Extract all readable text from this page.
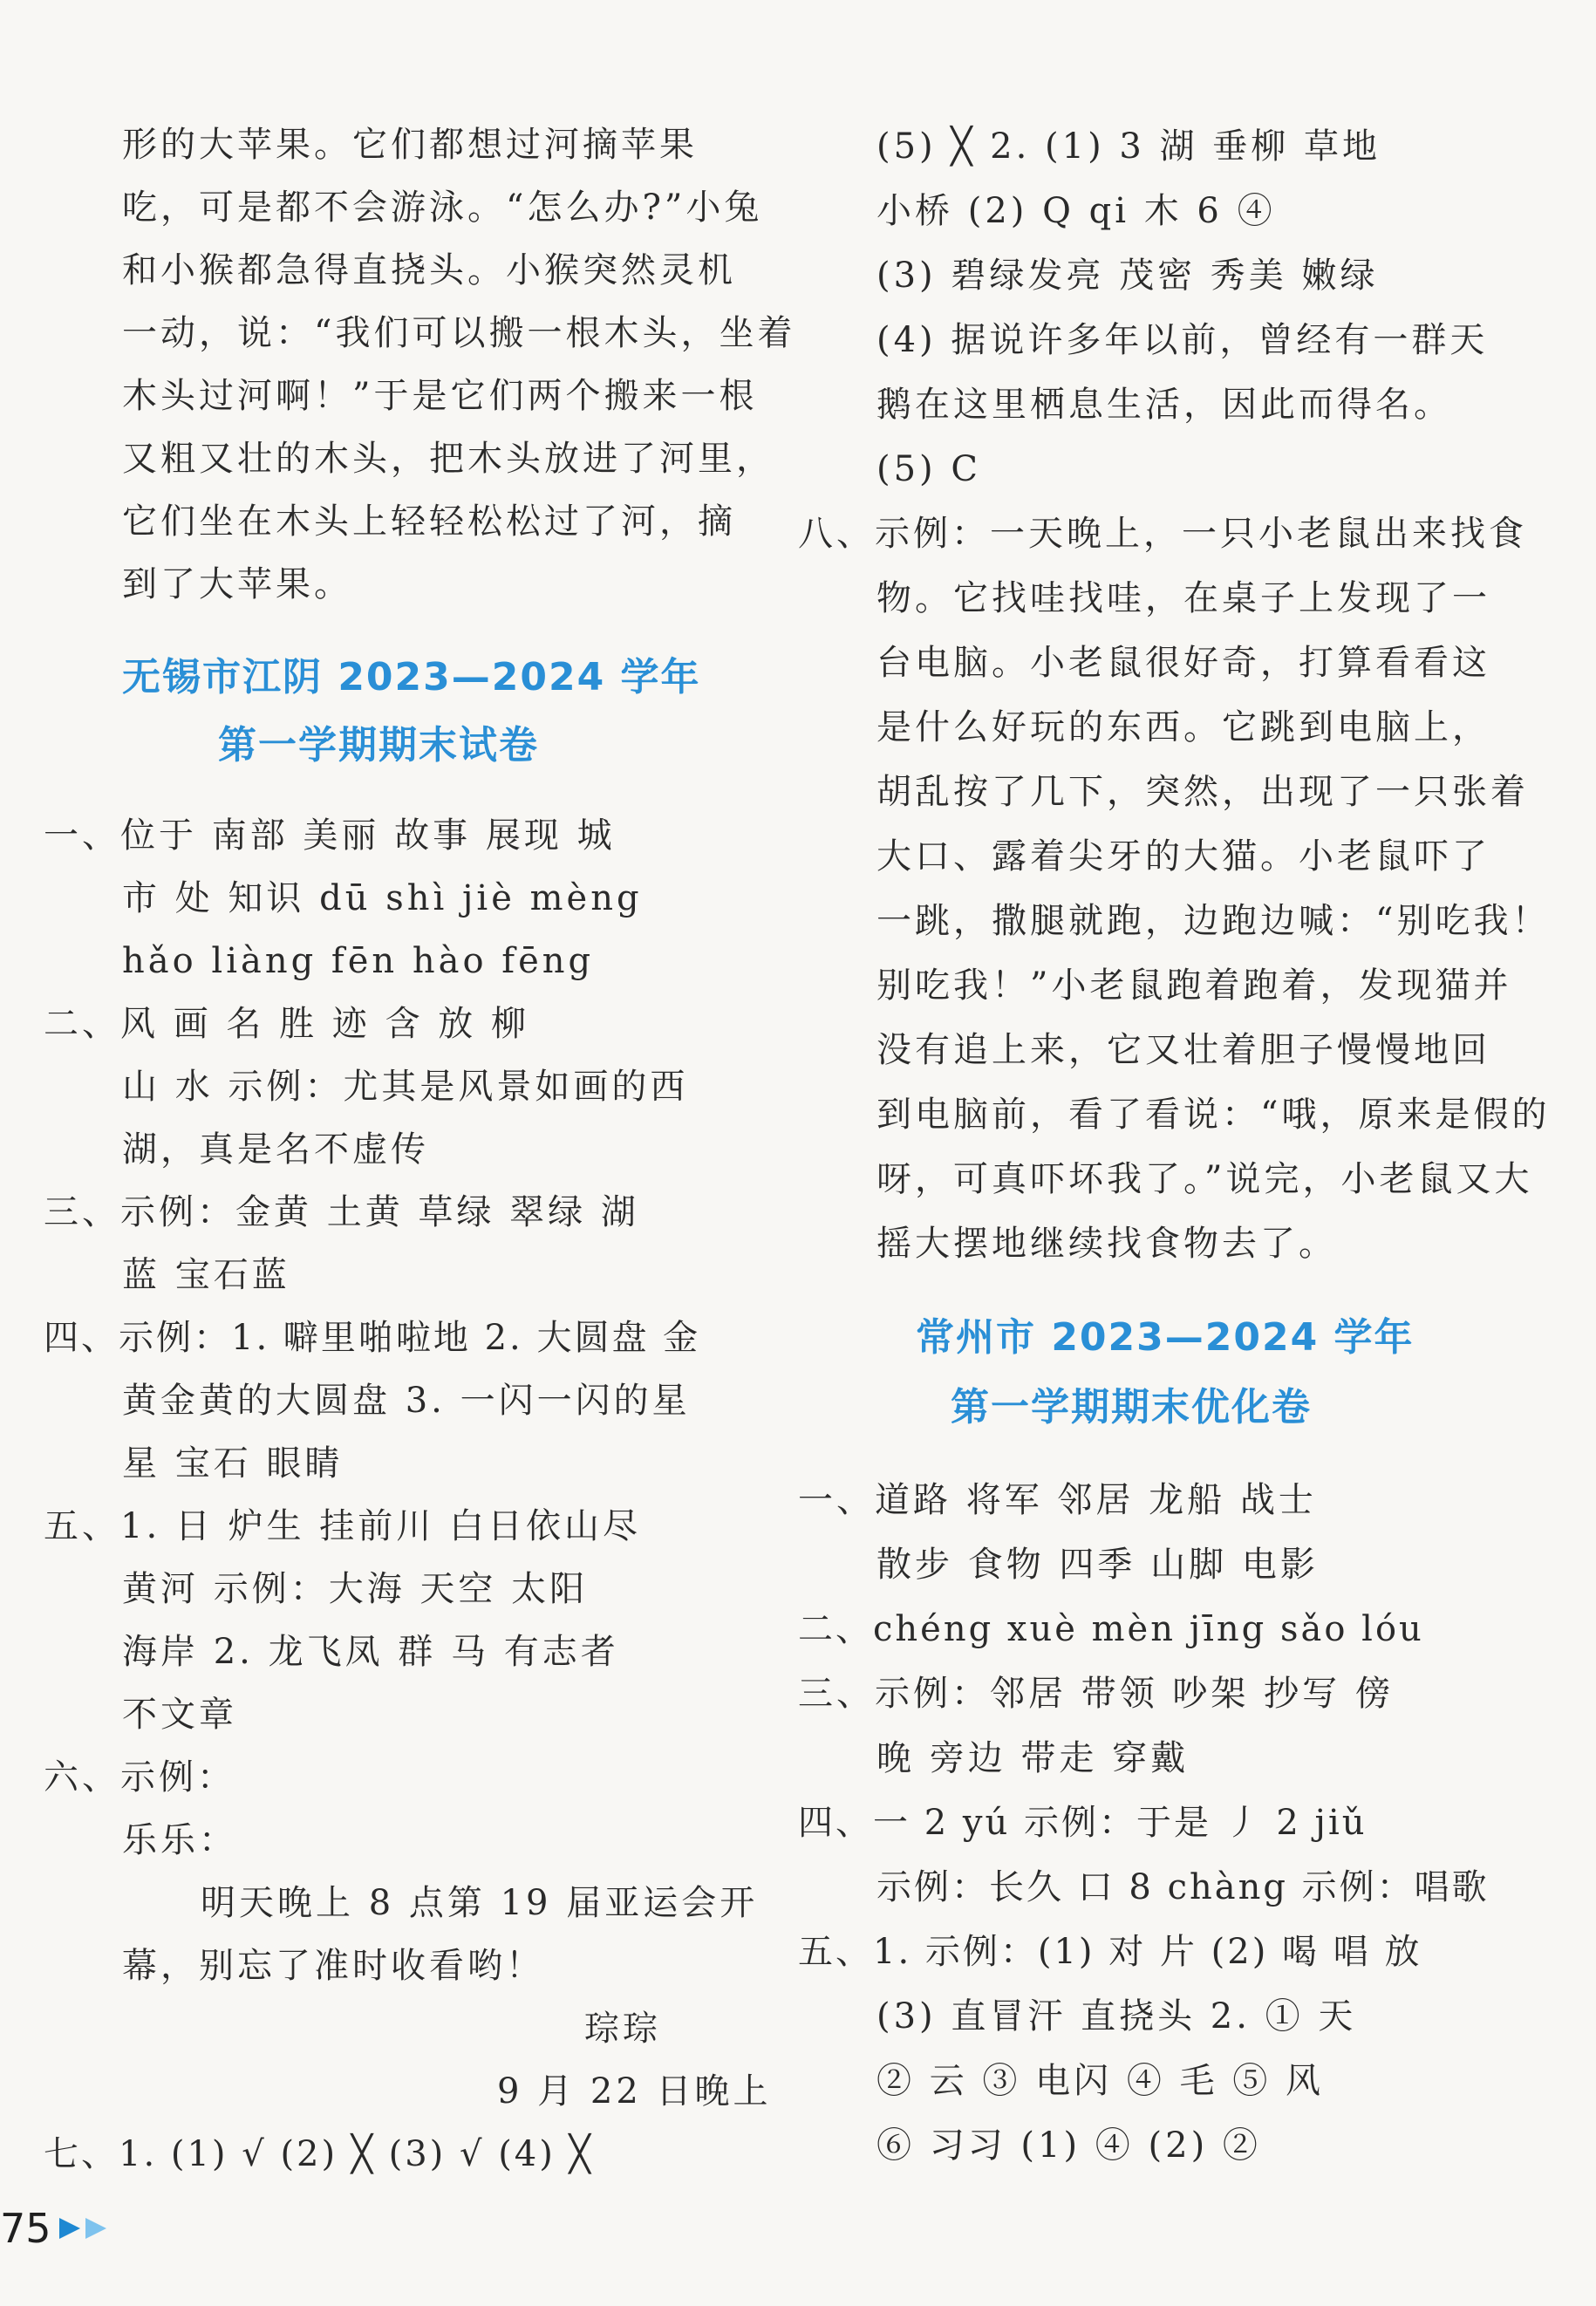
形的大苹果。它们都想过河摘苹果
吃，可是都不会游泳。“怎么办?”小兔
和小猴都急得直挠头。小猴突然灵机
一动，说：“我们可以搬一根木头，坐着
木头过河啊！”于是它们两个搬来一根
又粗又壮的木头，把木头放进了河里，
它们坐在木头上轻轻松松过了河，摘
到了大苹果。
无锡市江阴 2023—2024 学年
第一学期期末试卷
一、位于 南部 美丽 故事 展现 城
市 处 知识 dū shì jiè mèng
hǎo liàng fēn hào fēng
二、风 画 名 胜 迹 含 放 柳
山 水 示例：尤其是风景如画的西
湖，真是名不虚传
三、示例：金黄 土黄 草绿 翠绿 湖
蓝 宝石蓝
四、示例：1. 噼里啪啦地 2. 大圆盘 金
黄金黄的大圆盘 3. 一闪一闪的星
星 宝石 眼睛
五、1. 日 炉生 挂前川 白日依山尽
黄河 示例：大海 天空 太阳
海岸 2. 龙飞凤 群 马 有志者
不文章
六、示例：
乐乐：
明天晚上 8 点第 19 届亚运会开
幕，别忘了准时收看哟！
琮琮
9 月 22 日晚上
七、1. (1) √ (2) ╳ (3) √ (4) ╳
(5) ╳ 2. (1) 3 湖 垂柳 草地
小桥 (2) Q qi 木 6 ④
(3) 碧绿发亮 茂密 秀美 嫩绿
(4) 据说许多年以前，曾经有一群天
鹅在这里栖息生活，因此而得名。
(5) C
八、示例：一天晚上，一只小老鼠出来找食
物。它找哇找哇，在桌子上发现了一
台电脑。小老鼠很好奇，打算看看这
是什么好玩的东西。它跳到电脑上，
胡乱按了几下，突然，出现了一只张着
大口、露着尖牙的大猫。小老鼠吓了
一跳，撒腿就跑，边跑边喊：“别吃我！
别吃我！”小老鼠跑着跑着，发现猫并
没有追上来，它又壮着胆子慢慢地回
到电脑前，看了看说：“哦，原来是假的
呀，可真吓坏我了。”说完，小老鼠又大
摇大摆地继续找食物去了。
常州市 2023—2024 学年
第一学期期末优化卷
一、道路 将军 邻居 龙船 战士
散步 食物 四季 山脚 电影
二、chéng xuè mèn jīng sǎo lóu
三、示例：邻居 带领 吵架 抄写 傍
晚 旁边 带走 穿戴
四、一 2 yú 示例：于是 丿 2 jiǔ
示例：长久 口 8 chàng 示例：唱歌
五、1. 示例：(1) 对 片 (2) 喝 唱 放
(3) 直冒汗 直挠头 2. ① 天
② 云 ③ 电闪 ④ 毛 ⑤ 风
⑥ 习习 (1) ④ (2) ②
75
